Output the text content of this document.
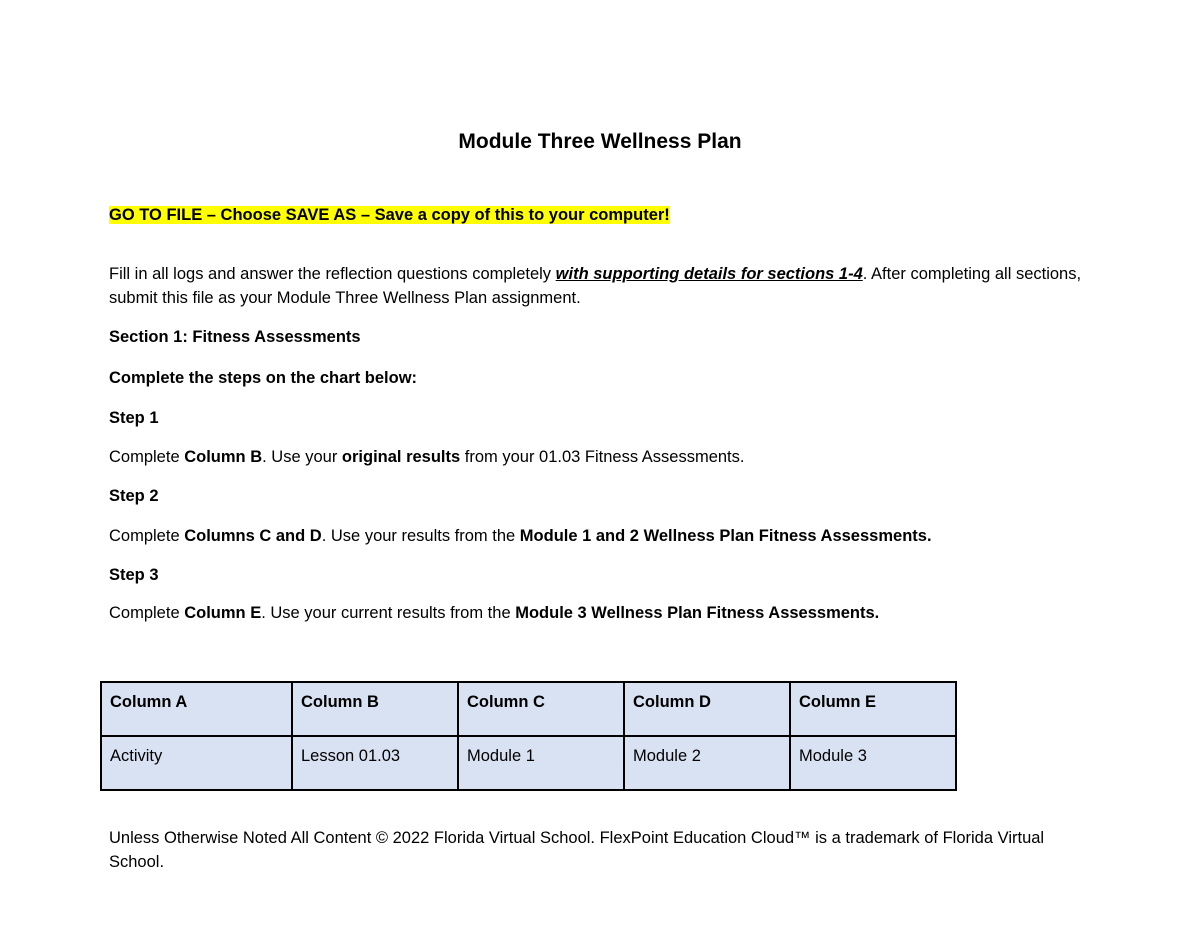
Module Three Wellness Plan
GO TO FILE – Choose SAVE AS – Save a copy of this to your computer!
Fill in all logs and answer the reflection questions completely with supporting details for sections 1-4. After completing all sections, submit this file as your Module Three Wellness Plan assignment.
Section 1: Fitness Assessments
Complete the steps on the chart below:
Step 1
Complete Column B. Use your original results from your 01.03 Fitness Assessments.
Step 2
Complete Columns C and D. Use your results from the Module 1 and 2 Wellness Plan Fitness Assessments.
Step 3
Complete Column E. Use your current results from the Module 3 Wellness Plan Fitness Assessments.
Column A	Column B	Column C	Column D	Column E
Activity	Lesson 01.03	Module 1	Module 2	Module 3
Unless Otherwise Noted All Content © 2022 Florida Virtual School. FlexPoint Education Cloud™ is a trademark of Florida Virtual School.
